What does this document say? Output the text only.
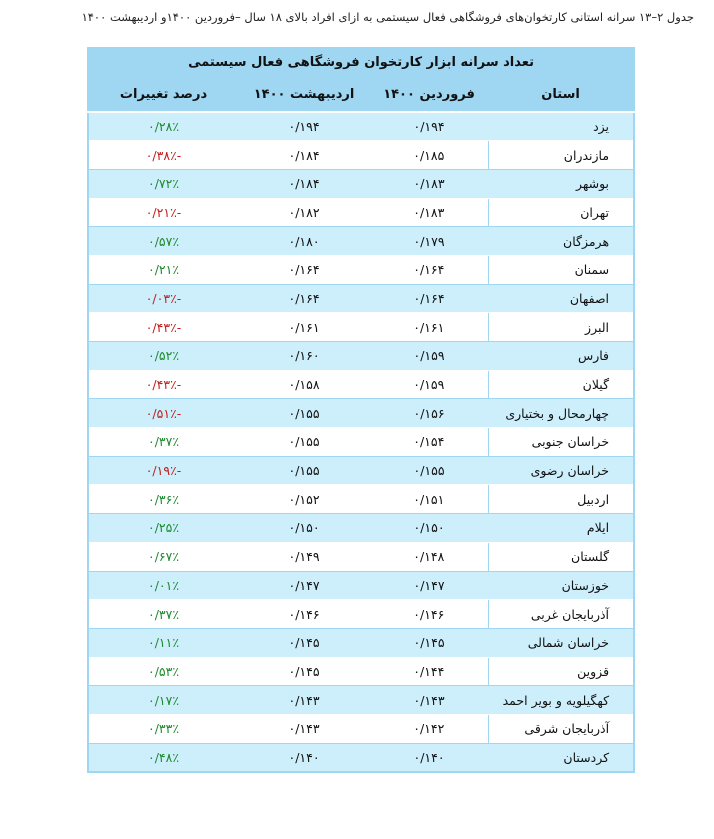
جدول ۲–۱۳ سرانه استانی کارتخوان‌های فروشگاهی فعال سیستمی به ازای افراد بالای ۱۸ سال –فروردین ۱۴۰۰و اردیبهشت ۱۴۰۰
تعداد سرانه ابزار کارتخوان فروشگاهی فعال سیستمی			
استان	فروردین ۱۴۰۰	اردیبهشت ۱۴۰۰	درصد تغییرات
یزد	۰/۱۹۴	۰/۱۹۴	۰/۲۸٪
مازندران	۰/۱۸۵	۰/۱۸۴	-۰/۳۸٪
بوشهر	۰/۱۸۳	۰/۱۸۴	۰/۷۲٪
تهران	۰/۱۸۳	۰/۱۸۲	-۰/۲۱٪
هرمزگان	۰/۱۷۹	۰/۱۸۰	۰/۵۷٪
سمنان	۰/۱۶۴	۰/۱۶۴	۰/۲۱٪
اصفهان	۰/۱۶۴	۰/۱۶۴	-۰/۰۳٪
البرز	۰/۱۶۱	۰/۱۶۱	-۰/۴۳٪
فارس	۰/۱۵۹	۰/۱۶۰	۰/۵۲٪
گیلان	۰/۱۵۹	۰/۱۵۸	-۰/۴۳٪
چهارمحال و بختیاری	۰/۱۵۶	۰/۱۵۵	-۰/۵۱٪
خراسان جنوبی	۰/۱۵۴	۰/۱۵۵	۰/۳۷٪
خراسان رضوی	۰/۱۵۵	۰/۱۵۵	-۰/۱۹٪
اردبیل	۰/۱۵۱	۰/۱۵۲	۰/۳۶٪
ایلام	۰/۱۵۰	۰/۱۵۰	۰/۲۵٪
گلستان	۰/۱۴۸	۰/۱۴۹	۰/۶۷٪
خوزستان	۰/۱۴۷	۰/۱۴۷	۰/۰۱٪
آذربایجان غربی	۰/۱۴۶	۰/۱۴۶	۰/۳۷٪
خراسان شمالی	۰/۱۴۵	۰/۱۴۵	۰/۱۱٪
قزوین	۰/۱۴۴	۰/۱۴۵	۰/۵۳٪
کهگیلویه و بویر احمد	۰/۱۴۳	۰/۱۴۳	۰/۱۷٪
آذربایجان شرقی	۰/۱۴۲	۰/۱۴۳	۰/۳۳٪
کردستان	۰/۱۴۰	۰/۱۴۰	۰/۴۸٪
